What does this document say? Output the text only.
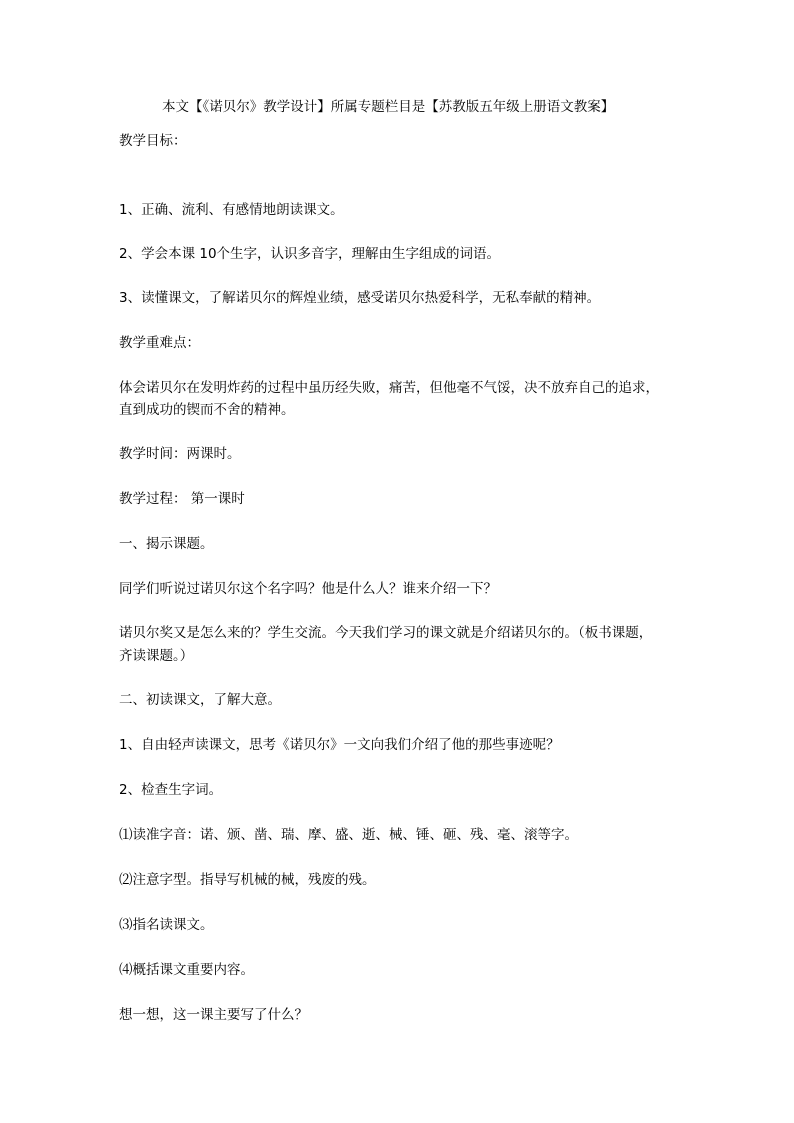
本文【《诺贝尔》教学设计】所属专题栏目是【苏教版五年级上册语文教案】
教学目标：
1、正确、流利、有感情地朗读课文。
2、学会本课 10个生字，认识多音字，理解由生字组成的词语。
3、读懂课文，了解诺贝尔的辉煌业绩，感受诺贝尔热爱科学，无私奉献的精神。
教学重难点：
体会诺贝尔在发明炸药的过程中虽历经失败，痛苦，但他毫不气馁，决不放弃自己的追求，
直到成功的锲而不舍的精神。
教学时间：两课时。
教学过程： 第一课时
一、揭示课题。
同学们听说过诺贝尔这个名字吗？他是什么人？谁来介绍一下？
诺贝尔奖又是怎么来的？学生交流。今天我们学习的课文就是介绍诺贝尔的。（板书课题，
齐读课题。）
二、初读课文，了解大意。
1、自由轻声读课文，思考《诺贝尔》一文向我们介绍了他的那些事迹呢？
2、检查生字词。
⑴读准字音：诺、颁、凿、瑞、摩、盛、逝、械、锤、砸、残、毫、滚等字。
⑵注意字型。指导写机械的械，残废的残。
⑶指名读课文。
⑷概括课文重要内容。
想一想，这一课主要写了什么？
